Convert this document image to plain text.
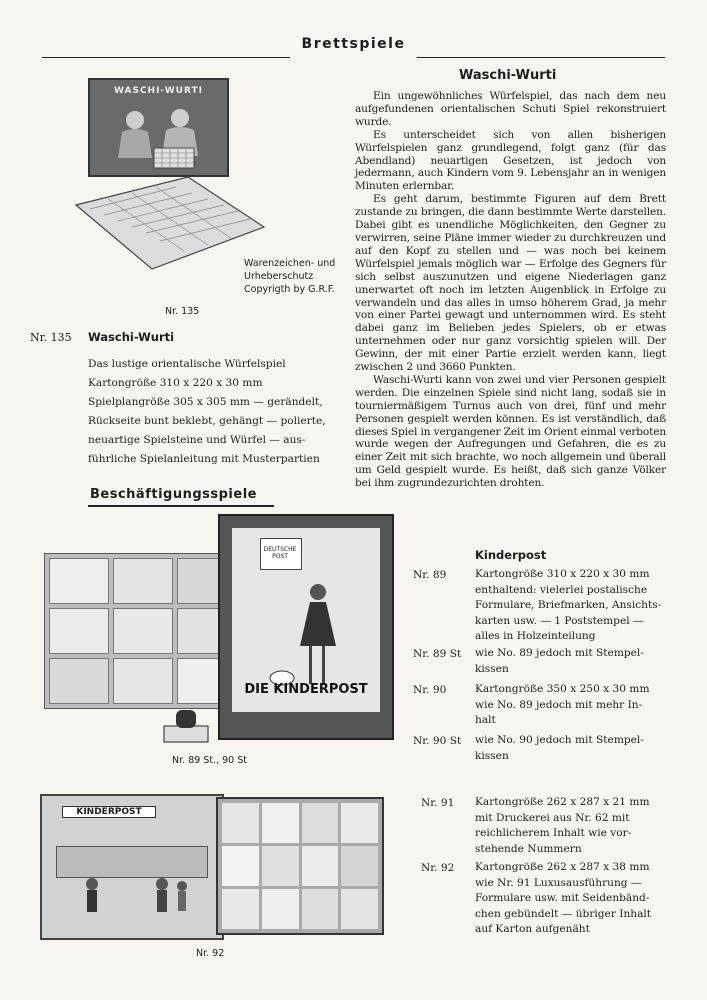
Brettspiele
WASCHI-WURTI
Warenzeichen- und
Urheberschutz
Copyrigth by G.R.F.
Nr. 135
Waschi-Wurti

Ein ungewöhnliches Würfelspiel, das nach dem neu aufgefundenen orientalischen Schuti Spiel rekonstruiert wurde.

Es unterscheidet sich von allen bisherigen Würfelspielen ganz grundlegend, folgt ganz (für das Abendland) neuartigen Gesetzen, ist jedoch von jedermann, auch Kindern vom 9. Lebensjahr an in wenigen Minuten erlernbar.

Es geht darum, bestimmte Figuren auf dem Brett zustande zu bringen, die dann bestimmte Werte darstellen. Dabei gibt es unendliche Möglichkeiten, den Gegner zu verwirren, seine Pläne immer wieder zu durchkreuzen und auf den Kopf zu stellen und — was noch bei keinem Würfelspiel jemals möglich war — Erfolge des Gegners für sich selbst auszunutzen und eigene Niederlagen ganz unerwartet oft noch im letzten Augenblick in Erfolge zu verwandeln und das alles in umso höherem Grad, ja mehr von einer Partei gewagt und unternommen wird. Es steht dabei ganz im Belieben jedes Spielers, ob er etwas unternehmen oder nur ganz vorsichtig spielen will. Der Gewinn, der mit einer Partie erzielt werden kann, liegt zwischen 2 und 3660 Punkten.

Waschi-Wurti kann von zwei und vier Personen gespielt werden. Die einzelnen Spiele sind nicht lang, sodaß sie in tourniermäßigem Turnus auch von drei, fünf und mehr Personen gespielt werden können. Es ist verständlich, daß dieses Spiel in vergangener Zeit im Orient einmal verboten wurde wegen der Aufregungen und Gefahren, die es zu einer Zeit mit sich brachte, wo noch allgemein und überall um Geld gespielt wurde. Es heißt, daß sich ganze Völker bei ihm zugrundezurichten drohten.

Nr. 135 Waschi-Wurti
Das lustige orientalische Würfelspiel
Kartongröße 310 x 220 x 30 mm
Spielplangröße 305 x 305 mm — gerändelt,
Rückseite bunt beklebt, gehängt — polierte,
neuartige Spielsteine und Würfel — aus-
führliche Spielanleitung mit Musterpartien
Beschäftigungsspiele
DEUTSCHE POST
DIE KINDERPOST
Nr. 89 St., 90 St
Kinderpost
Nr. 89	Kartongröße 310 x 220 x 30 mm
enthaltend: vielerlei postalische
Formulare, Briefmarken, Ansichts-
karten usw. — 1 Poststempel —
alles in Holzeinteilung
Nr. 89 St wie No. 89 jedoch mit Stempel-
kissen
Nr. 90	Kartongröße 350 x 250 x 30 mm
wie No. 89 jedoch mit mehr In-
halt
Nr. 90 St wie No. 90 jedoch mit Stempel-
kissen
KINDERPOST
Nr. 92
Nr. 91 Kartongröße 262 x 287 x 21 mm
mit Druckerei aus Nr. 62 mit
reichlicherem Inhalt wie vor-
stehende Nummern
Nr. 92 Kartongröße 262 x 287 x 38 mm
wie Nr. 91 Luxusausführung —
Formulare usw. mit Seidenbänd-
chen gebündelt — übriger Inhalt
auf Karton aufgenäht
